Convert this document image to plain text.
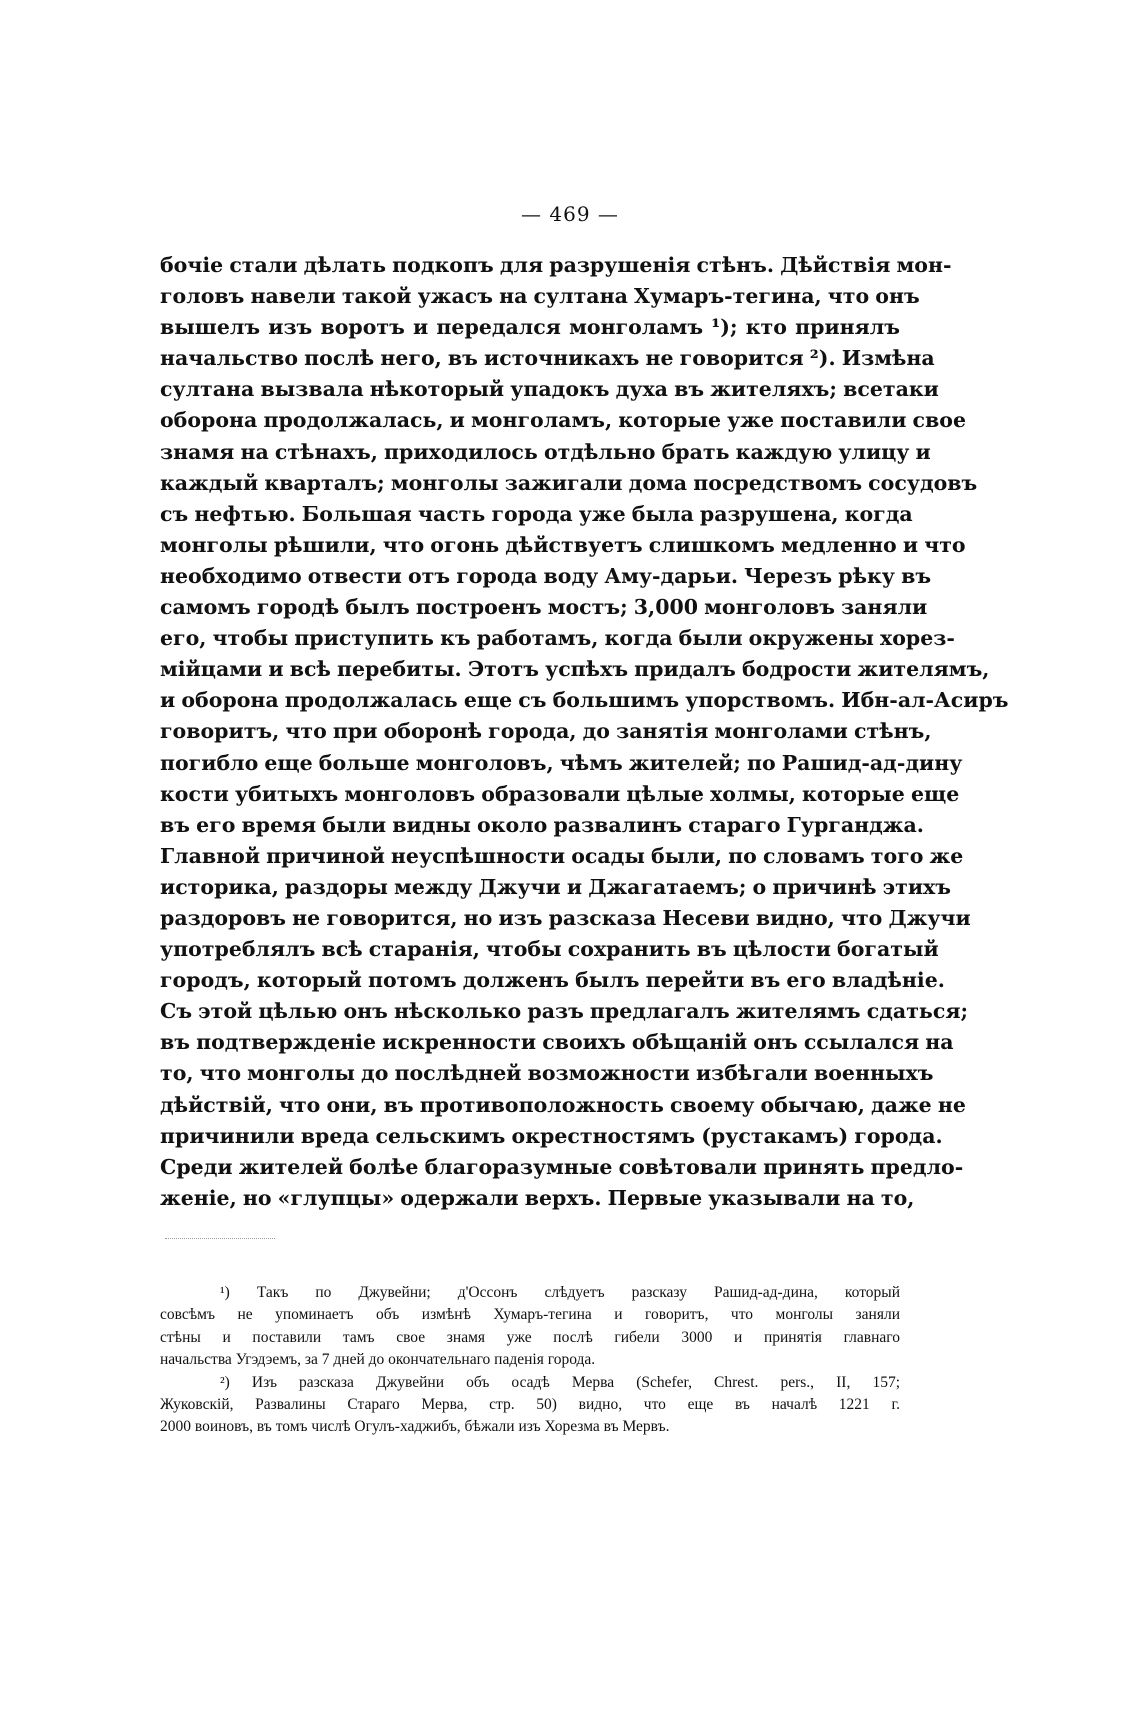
— 469 —
бочіе стали дѣлать подкопъ для разрушенія стѣнъ. Дѣйствія мон-
головъ навели такой ужасъ на султана Хумаръ-тегина, что онъ
вышелъ изъ воротъ и передался монголамъ ¹); кто принялъ
начальство послѣ него, въ источникахъ не говорится ²). Измѣна
султана вызвала нѣкоторый упадокъ духа въ жителяхъ; всетаки
оборона продолжалась, и монголамъ, которые уже поставили свое
знамя на стѣнахъ, приходилось отдѣльно брать каждую улицу и
каждый кварталъ; монголы зажигали дома посредствомъ сосудовъ
съ нефтью. Большая часть города уже была разрушена, когда
монголы рѣшили, что огонь дѣйствуетъ слишкомъ медленно и что
необходимо отвести отъ города воду Аму-дарьи. Черезъ рѣку въ
самомъ городѣ былъ построенъ мостъ; 3,000 монголовъ заняли
его, чтобы приступить къ работамъ, когда были окружены хорез-
мійцами и всѣ перебиты. Этотъ успѣхъ придалъ бодрости жителямъ,
и оборона продолжалась еще съ большимъ упорствомъ. Ибн-ал-Асиръ
говоритъ, что при оборонѣ города, до занятія монголами стѣнъ,
погибло еще больше монголовъ, чѣмъ жителей; по Рашид-ад-дину
кости убитыхъ монголовъ образовали цѣлые холмы, которые еще
въ его время были видны около развалинъ стараго Гурганджа.
Главной причиной неуспѣшности осады были, по словамъ того же
историка, раздоры между Джучи и Джагатаемъ; о причинѣ этихъ
раздоровъ не говорится, но изъ разсказа Несеви видно, что Джучи
употреблялъ всѣ старанія, чтобы сохранить въ цѣлости богатый
городъ, который потомъ долженъ былъ перейти въ его владѣніе.
Съ этой цѣлью онъ нѣсколько разъ предлагалъ жителямъ сдаться;
въ подтвержденіе искренности своихъ обѣщаній онъ ссылался на
то, что монголы до послѣдней возможности избѣгали военныхъ
дѣйствій, что они, въ противоположность своему обычаю, даже не
причинили вреда сельскимъ окрестностямъ (рустакамъ) города.
Среди жителей болѣе благоразумные совѣтовали принять предло-
женіе, но «глупцы» одержали верхъ. Первые указывали на то,
¹) Такъ по Джувейни; д'Оссонъ слѣдуетъ разсказу Рашид-ад-дина, который
совсѣмъ не упоминаетъ объ измѣнѣ Хумаръ-тегина и говоритъ, что монголы заняли
стѣны и поставили тамъ свое знамя уже послѣ гибели 3000 и принятія главнаго
начальства Угэдэемъ, за 7 дней до окончательнаго паденія города.
²) Изъ разсказа Джувейни объ осадѣ Мерва (Schefer, Chrest. pers., II, 157;
Жуковскій, Развалины Стараго Мерва, стр. 50) видно, что еще въ началѣ 1221 г.
2000 воиновъ, въ томъ числѣ Огулъ-хаджибъ, бѣжали изъ Хорезма въ Мервъ.
